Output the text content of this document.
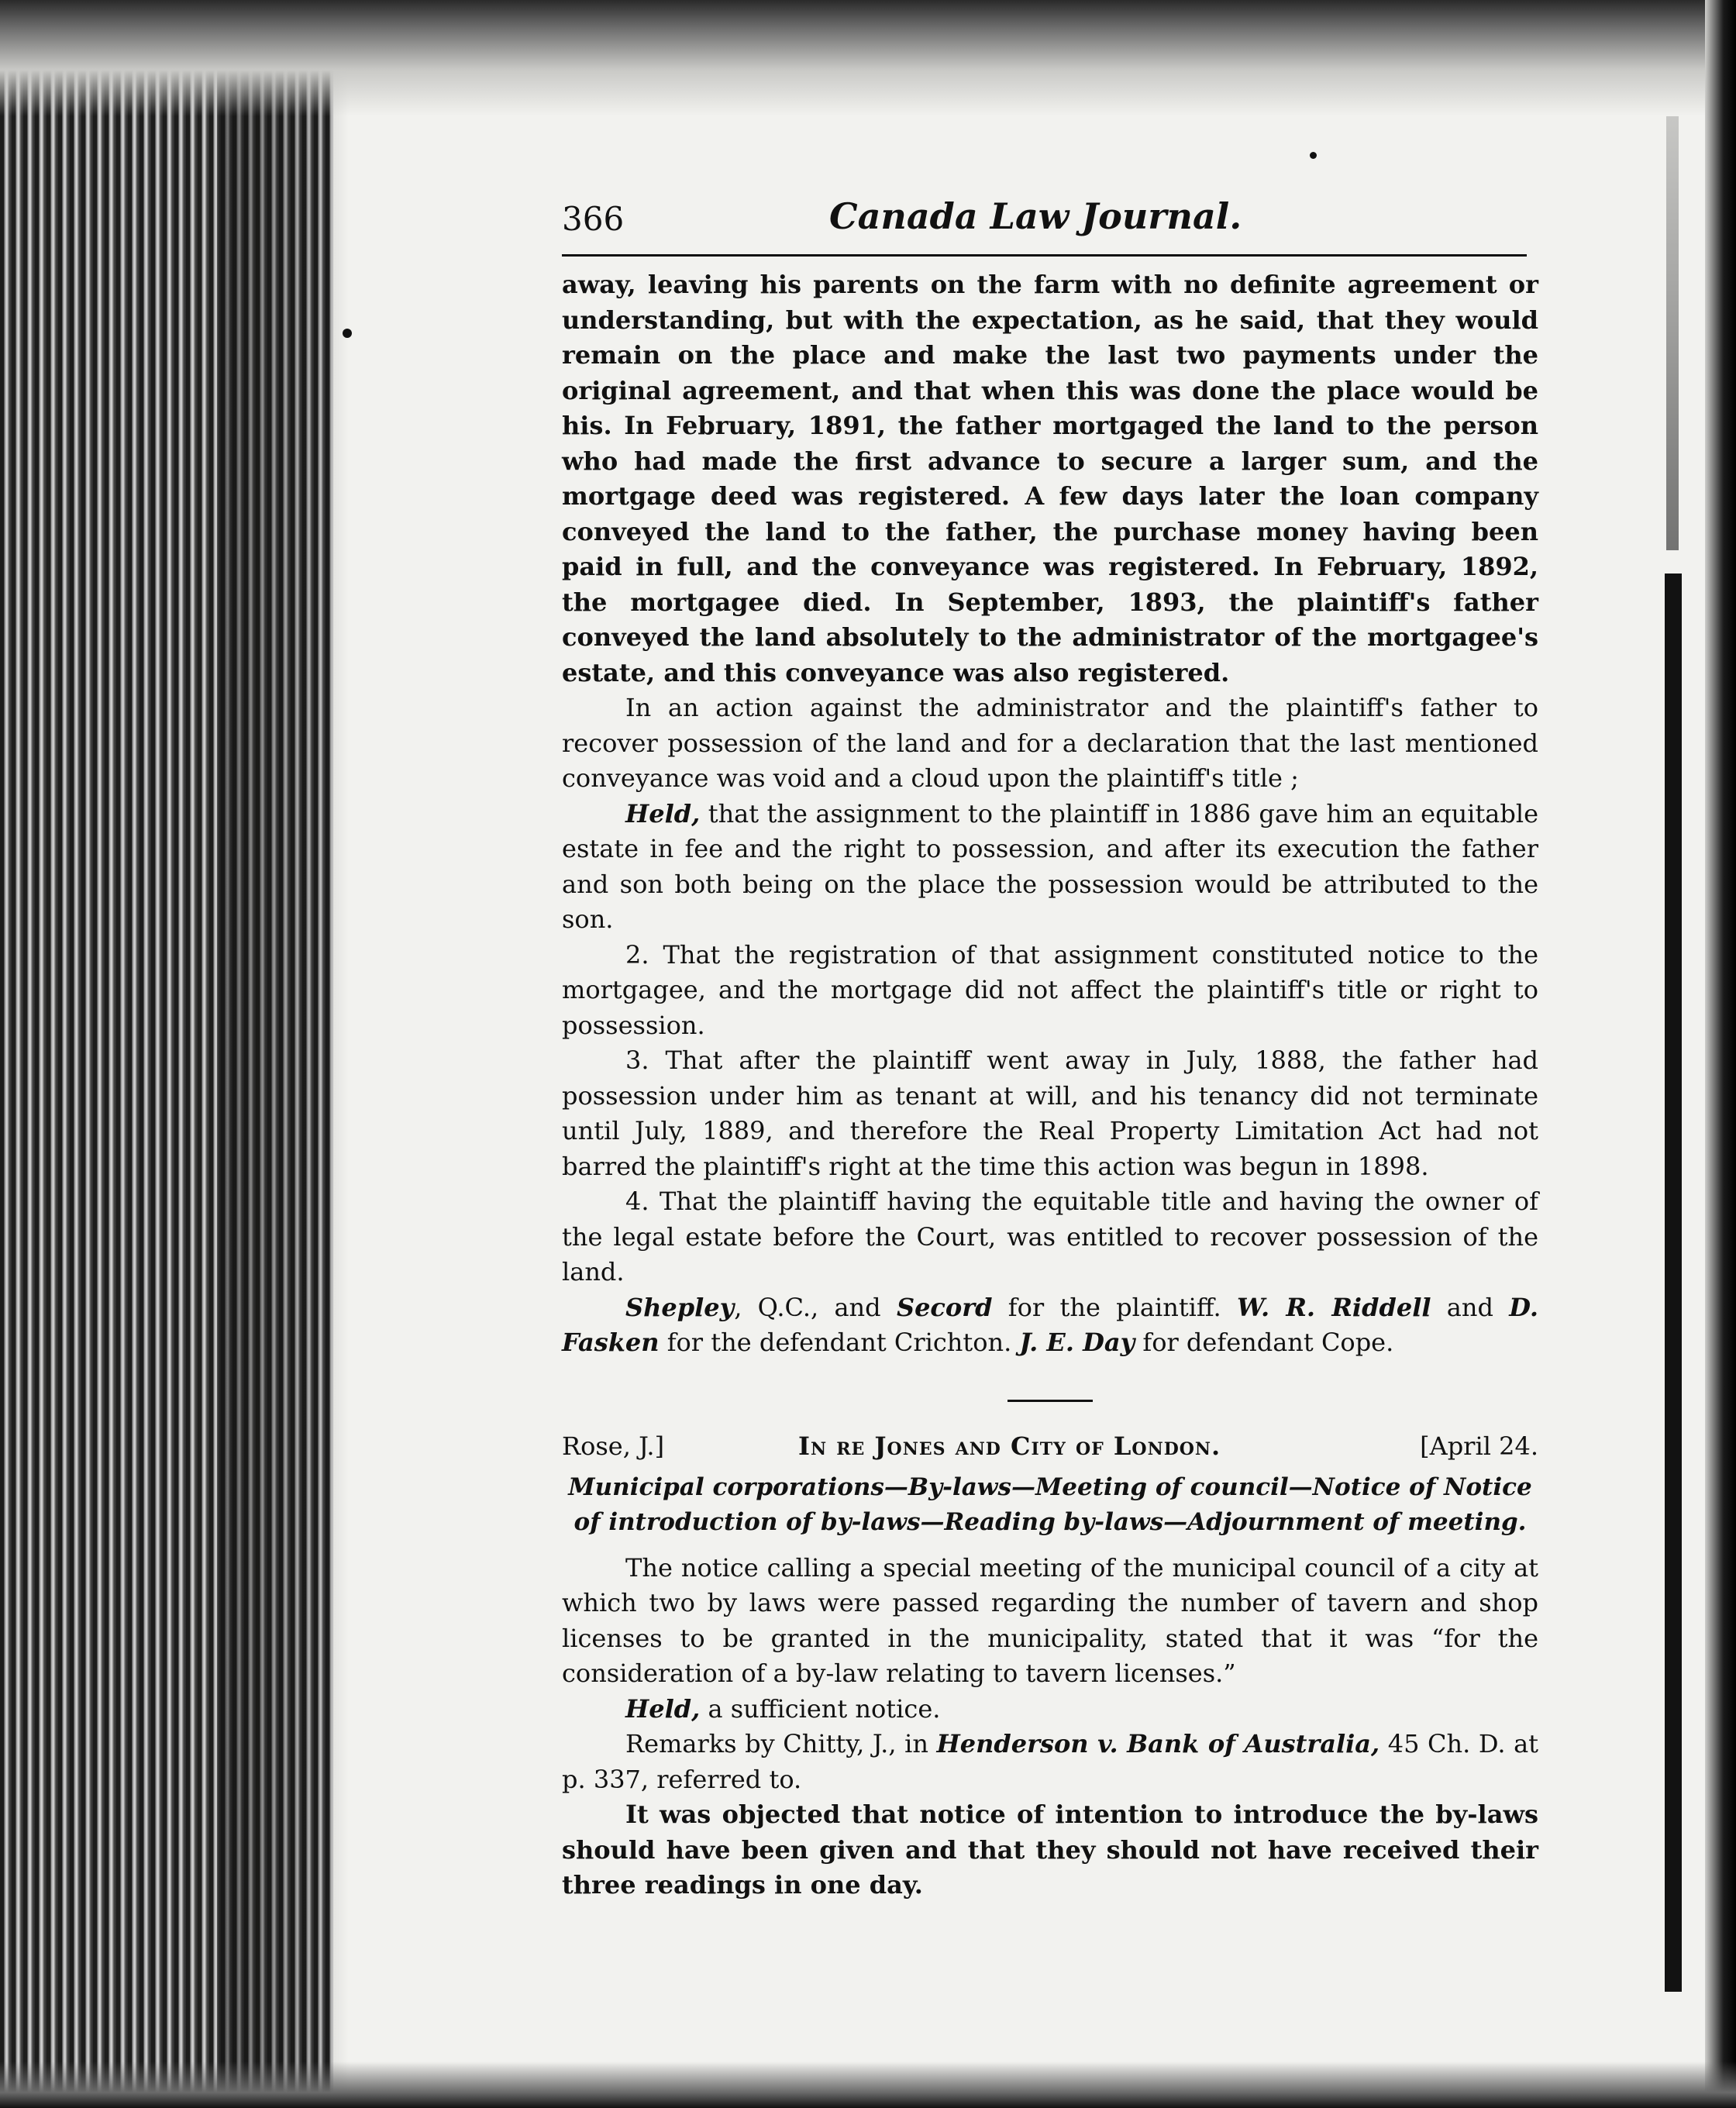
366	Canada Law Journal.

away, leaving his parents on the farm with no definite agreement or understanding, but with the expectation, as he said, that they would remain on the place and make the last two payments under the original agreement, and that when this was done the place would be his. In February, 1891, the father mortgaged the land to the person who had made the first advance to secure a larger sum, and the mortgage deed was registered. A few days later the loan company conveyed the land to the father, the purchase money having been paid in full, and the conveyance was registered. In February, 1892, the mortgagee died. In September, 1893, the plaintiff's father conveyed the land absolutely to the administrator of the mortgagee's estate, and this conveyance was also registered.

In an action against the administrator and the plaintiff's father to recover possession of the land and for a declaration that the last mentioned conveyance was void and a cloud upon the plaintiff's title ;

Held, that the assignment to the plaintiff in 1886 gave him an equitable estate in fee and the right to possession, and after its execution the father and son both being on the place the possession would be attributed to the son.

2. That the registration of that assignment constituted notice to the mortgagee, and the mortgage did not affect the plaintiff's title or right to possession.

3. That after the plaintiff went away in July, 1888, the father had possession under him as tenant at will, and his tenancy did not terminate until July, 1889, and therefore the Real Property Limitation Act had not barred the plaintiff's right at the time this action was begun in 1898.

4. That the plaintiff having the equitable title and having the owner of the legal estate before the Court, was entitled to recover possession of the land.

Shepley, Q.C., and Secord for the plaintiff. W. R. Riddell and D. Fasken for the defendant Crichton. J. E. Day for defendant Cope.

Rose, J.]	In re Jones and City of London.	[April 24.
Municipal corporations—By-laws—Meeting of council—Notice of Notice of introduction of by-laws—Reading by-laws—Adjournment of meeting.

The notice calling a special meeting of the municipal council of a city at which two by laws were passed regarding the number of tavern and shop licenses to be granted in the municipality, stated that it was “for the consideration of a by-law relating to tavern licenses.”

Held, a sufficient notice.

Remarks by Chitty, J., in Henderson v. Bank of Australia, 45 Ch. D. at p. 337, referred to.

It was objected that notice of intention to introduce the by-laws should have been given and that they should not have received their three readings in one day.
